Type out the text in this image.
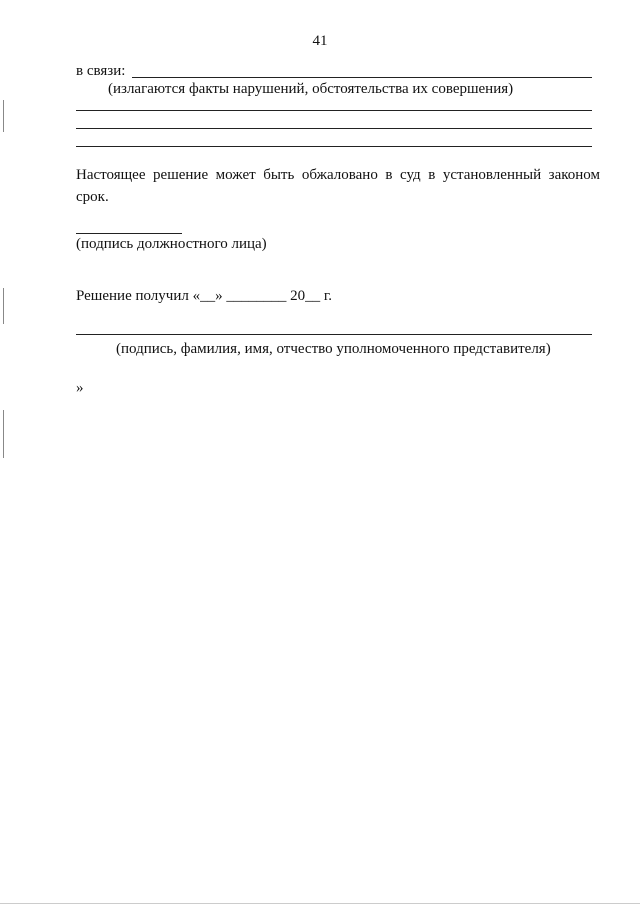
41
в связи:
(излагаются факты нарушений, обстоятельства их совершения)
Настоящее решение может быть обжаловано в суд в установленный законом срок.
(подпись должностного лица)
Решение получил «__» ________ 20__ г.
(подпись, фамилия, имя, отчество уполномоченного представителя)
»
